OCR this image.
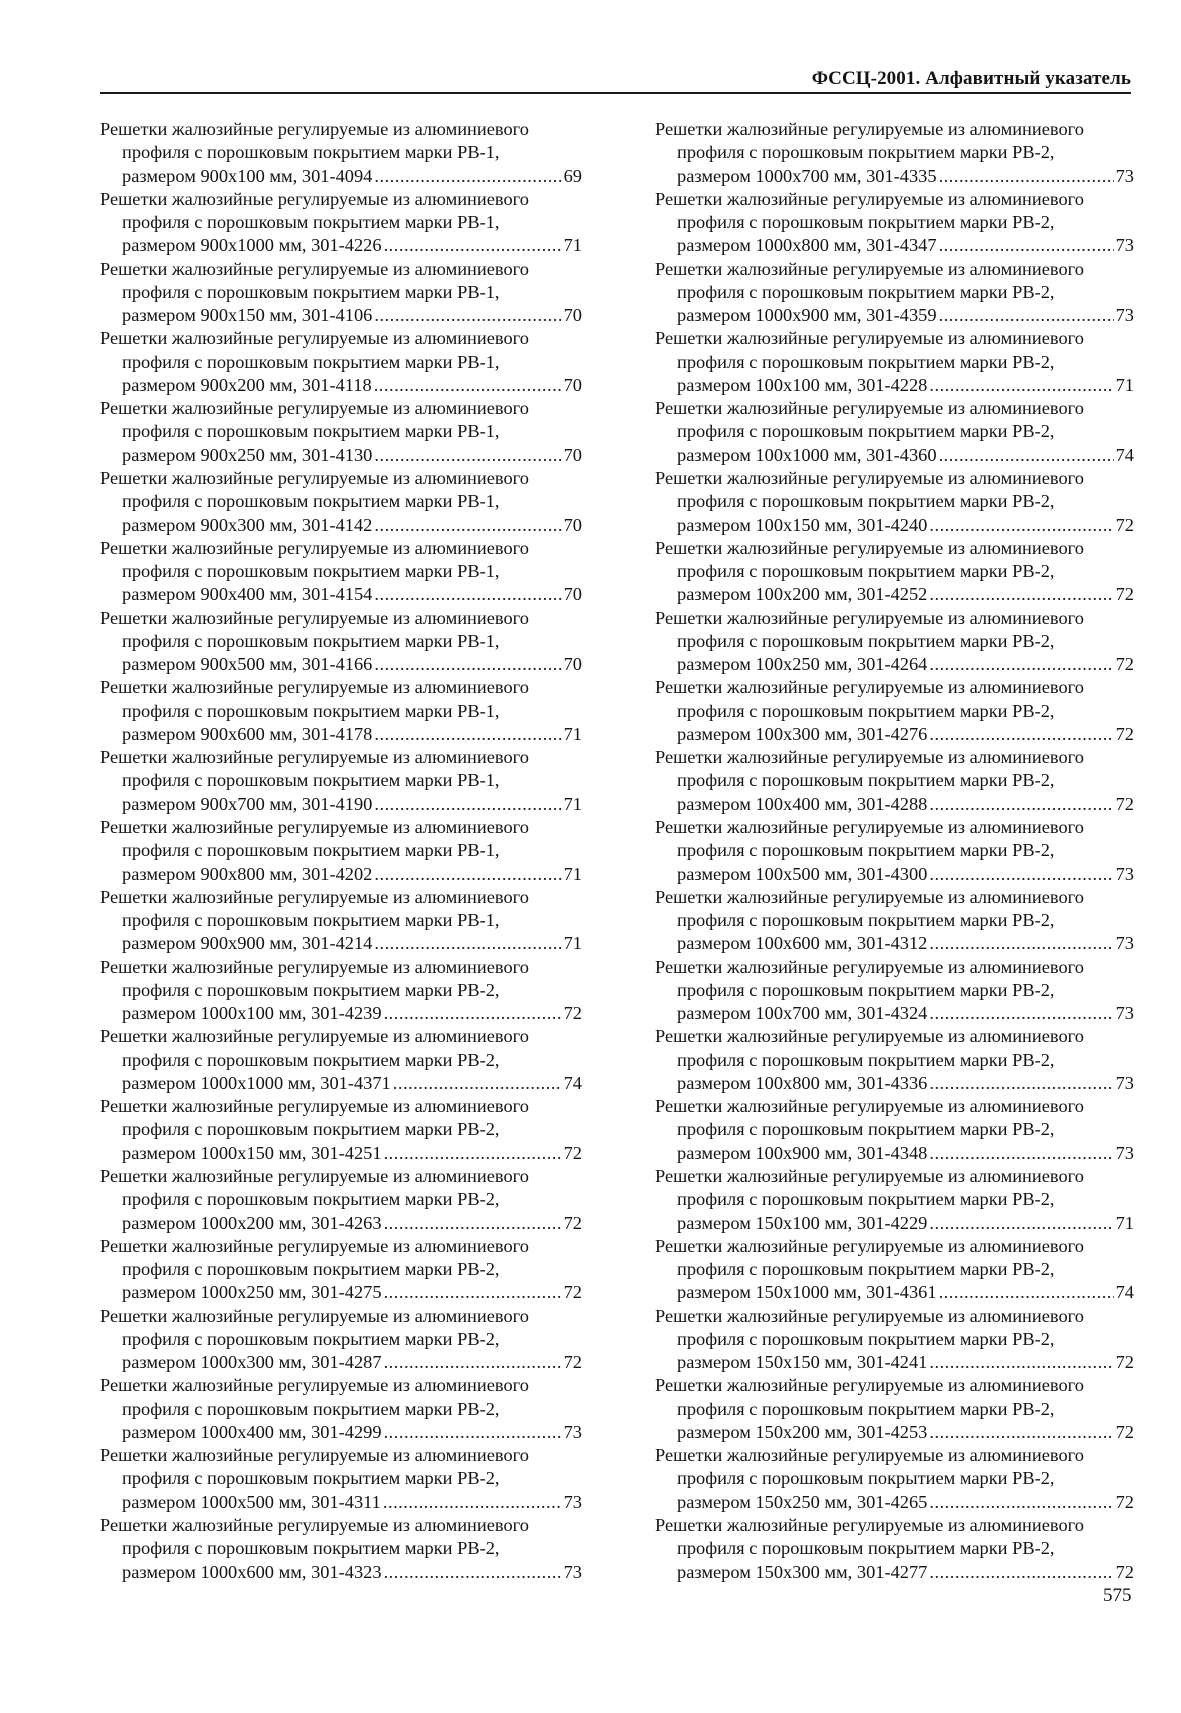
ФССЦ-2001. Алфавитный указатель
Решетки жалюзийные регулируемые из алюминиевого
профиля с порошковым покрытием марки РВ-1,
размером 900х100 мм, 301-4094 .....	69
Решетки жалюзийные регулируемые из алюминиевого
профиля с порошковым покрытием марки РВ-1,
размером 900х1000 мм, 301-4226 .....	71
Решетки жалюзийные регулируемые из алюминиевого
профиля с порошковым покрытием марки РВ-1,
размером 900х150 мм, 301-4106 .....	70
Решетки жалюзийные регулируемые из алюминиевого
профиля с порошковым покрытием марки РВ-1,
размером 900х200 мм, 301-4118 .....	70
Решетки жалюзийные регулируемые из алюминиевого
профиля с порошковым покрытием марки РВ-1,
размером 900х250 мм, 301-4130 .....	70
Решетки жалюзийные регулируемые из алюминиевого
профиля с порошковым покрытием марки РВ-1,
размером 900х300 мм, 301-4142 .....	70
Решетки жалюзийные регулируемые из алюминиевого
профиля с порошковым покрытием марки РВ-1,
размером 900х400 мм, 301-4154 .....	70
Решетки жалюзийные регулируемые из алюминиевого
профиля с порошковым покрытием марки РВ-1,
размером 900х500 мм, 301-4166 .....	70
Решетки жалюзийные регулируемые из алюминиевого
профиля с порошковым покрытием марки РВ-1,
размером 900х600 мм, 301-4178 .....	71
Решетки жалюзийные регулируемые из алюминиевого
профиля с порошковым покрытием марки РВ-1,
размером 900х700 мм, 301-4190 .....	71
Решетки жалюзийные регулируемые из алюминиевого
профиля с порошковым покрытием марки РВ-1,
размером 900х800 мм, 301-4202 .....	71
Решетки жалюзийные регулируемые из алюминиевого
профиля с порошковым покрытием марки РВ-1,
размером 900х900 мм, 301-4214 .....	71
Решетки жалюзийные регулируемые из алюминиевого
профиля с порошковым покрытием марки РВ-2,
размером 1000х100 мм, 301-4239 .....	72
Решетки жалюзийные регулируемые из алюминиевого
профиля с порошковым покрытием марки РВ-2,
размером 1000х1000 мм, 301-4371 .....	74
Решетки жалюзийные регулируемые из алюминиевого
профиля с порошковым покрытием марки РВ-2,
размером 1000х150 мм, 301-4251 .....	72
Решетки жалюзийные регулируемые из алюминиевого
профиля с порошковым покрытием марки РВ-2,
размером 1000х200 мм, 301-4263 .....	72
Решетки жалюзийные регулируемые из алюминиевого
профиля с порошковым покрытием марки РВ-2,
размером 1000х250 мм, 301-4275 .....	72
Решетки жалюзийные регулируемые из алюминиевого
профиля с порошковым покрытием марки РВ-2,
размером 1000х300 мм, 301-4287 .....	72
Решетки жалюзийные регулируемые из алюминиевого
профиля с порошковым покрытием марки РВ-2,
размером 1000х400 мм, 301-4299 .....	73
Решетки жалюзийные регулируемые из алюминиевого
профиля с порошковым покрытием марки РВ-2,
размером 1000х500 мм, 301-4311 .....	73
Решетки жалюзийные регулируемые из алюминиевого
профиля с порошковым покрытием марки РВ-2,
размером 1000х600 мм, 301-4323 .....	73
Решетки жалюзийные регулируемые из алюминиевого
профиля с порошковым покрытием марки РВ-2,
размером 1000х700 мм, 301-4335 .....	73
Решетки жалюзийные регулируемые из алюминиевого
профиля с порошковым покрытием марки РВ-2,
размером 1000х800 мм, 301-4347 .....	73
Решетки жалюзийные регулируемые из алюминиевого
профиля с порошковым покрытием марки РВ-2,
размером 1000х900 мм, 301-4359 .....	73
Решетки жалюзийные регулируемые из алюминиевого
профиля с порошковым покрытием марки РВ-2,
размером 100х100 мм, 301-4228 .....	71
Решетки жалюзийные регулируемые из алюминиевого
профиля с порошковым покрытием марки РВ-2,
размером 100х1000 мм, 301-4360 .....	74
Решетки жалюзийные регулируемые из алюминиевого
профиля с порошковым покрытием марки РВ-2,
размером 100х150 мм, 301-4240 .....	72
Решетки жалюзийные регулируемые из алюминиевого
профиля с порошковым покрытием марки РВ-2,
размером 100х200 мм, 301-4252 .....	72
Решетки жалюзийные регулируемые из алюминиевого
профиля с порошковым покрытием марки РВ-2,
размером 100х250 мм, 301-4264 .....	72
Решетки жалюзийные регулируемые из алюминиевого
профиля с порошковым покрытием марки РВ-2,
размером 100х300 мм, 301-4276 .....	72
Решетки жалюзийные регулируемые из алюминиевого
профиля с порошковым покрытием марки РВ-2,
размером 100х400 мм, 301-4288 .....	72
Решетки жалюзийные регулируемые из алюминиевого
профиля с порошковым покрытием марки РВ-2,
размером 100х500 мм, 301-4300 .....	73
Решетки жалюзийные регулируемые из алюминиевого
профиля с порошковым покрытием марки РВ-2,
размером 100х600 мм, 301-4312 .....	73
Решетки жалюзийные регулируемые из алюминиевого
профиля с порошковым покрытием марки РВ-2,
размером 100х700 мм, 301-4324 .....	73
Решетки жалюзийные регулируемые из алюминиевого
профиля с порошковым покрытием марки РВ-2,
размером 100х800 мм, 301-4336 .....	73
Решетки жалюзийные регулируемые из алюминиевого
профиля с порошковым покрытием марки РВ-2,
размером 100х900 мм, 301-4348 .....	73
Решетки жалюзийные регулируемые из алюминиевого
профиля с порошковым покрытием марки РВ-2,
размером 150х100 мм, 301-4229 .....	71
Решетки жалюзийные регулируемые из алюминиевого
профиля с порошковым покрытием марки РВ-2,
размером 150х1000 мм, 301-4361 .....	74
Решетки жалюзийные регулируемые из алюминиевого
профиля с порошковым покрытием марки РВ-2,
размером 150х150 мм, 301-4241 .....	72
Решетки жалюзийные регулируемые из алюминиевого
профиля с порошковым покрытием марки РВ-2,
размером 150х200 мм, 301-4253 .....	72
Решетки жалюзийные регулируемые из алюминиевого
профиля с порошковым покрытием марки РВ-2,
размером 150х250 мм, 301-4265 .....	72
Решетки жалюзийные регулируемые из алюминиевого
профиля с порошковым покрытием марки РВ-2,
размером 150х300 мм, 301-4277 .....	72
575
